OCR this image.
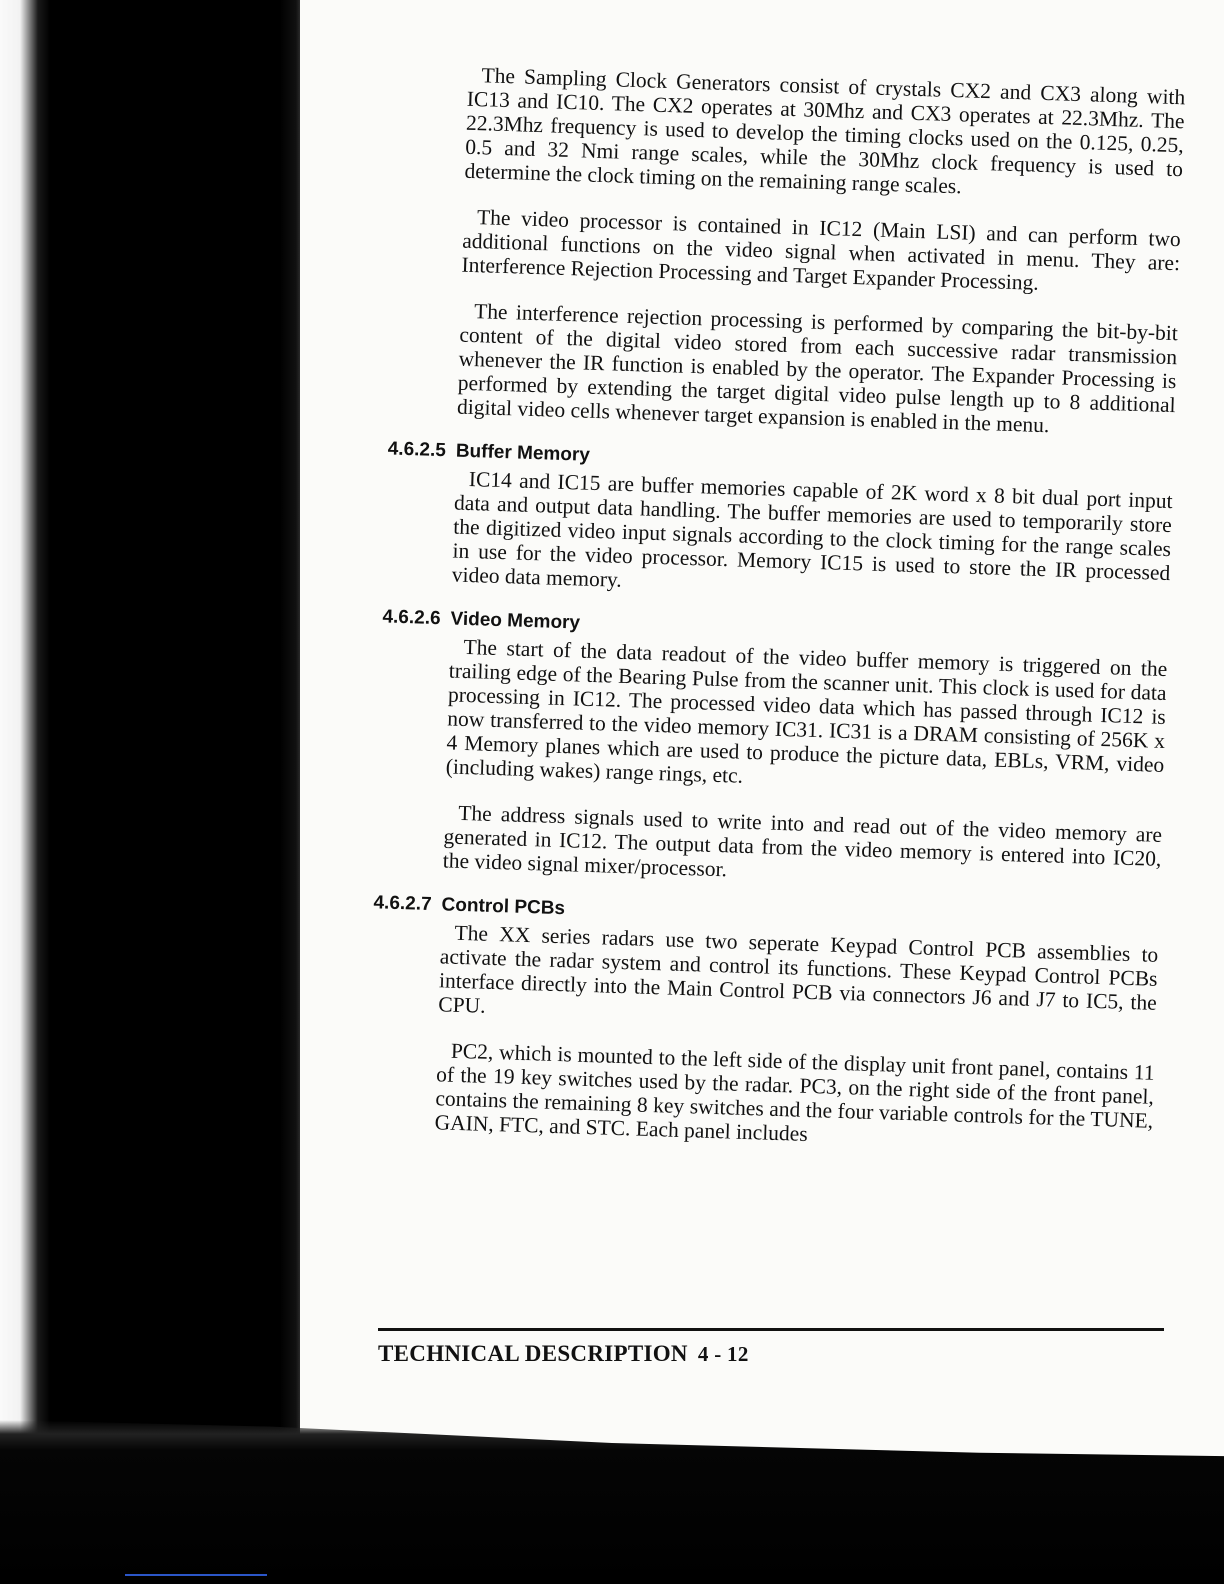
The Sampling Clock Generators consist of crystals CX2 and CX3 along with IC13 and IC10. The CX2 operates at 30Mhz and CX3 operates at 22.3Mhz. The 22.3Mhz frequency is used to develop the timing clocks used on the 0.125, 0.25, 0.5 and 32 Nmi range scales, while the 30Mhz clock frequency is used to determine the clock timing on the remaining range scales.

The video processor is contained in IC12 (Main LSI) and can perform two additional functions on the video signal when activated in menu. They are: Interference Rejection Processing and Target Expander Processing.

The interference rejection processing is performed by comparing the bit-by-bit content of the digital video stored from each successive radar transmission whenever the IR function is enabled by the operator. The Expander Processing is performed by extending the target digital video pulse length up to 8 additional digital video cells whenever target expansion is enabled in the menu.

4.6.2.5 Buffer Memory

IC14 and IC15 are buffer memories capable of 2K word x 8 bit dual port input data and output data handling. The buffer memories are used to temporarily store the digitized video input signals according to the clock timing for the range scales in use for the video processor. Memory IC15 is used to store the IR processed video data memory.

4.6.2.6 Video Memory

The start of the data readout of the video buffer memory is triggered on the trailing edge of the Bearing Pulse from the scanner unit. This clock is used for data processing in IC12. The processed video data which has passed through IC12 is now transferred to the video memory IC31. IC31 is a DRAM consisting of 256K x 4 Memory planes which are used to produce the picture data, EBLs, VRM, video (including wakes) range rings, etc.

The address signals used to write into and read out of the video memory are generated in IC12. The output data from the video memory is entered into IC20, the video signal mixer/processor.

4.6.2.7 Control PCBs

The XX series radars use two seperate Keypad Control PCB assemblies to activate the radar system and control its functions. These Keypad Control PCBs interface directly into the Main Control PCB via connectors J6 and J7 to IC5, the CPU.

PC2, which is mounted to the left side of the display unit front panel, contains 11 of the 19 key switches used by the radar. PC3, on the right side of the front panel, contains the remaining 8 key switches and the four variable controls for the TUNE, GAIN, FTC, and STC. Each panel includes

TECHNICAL DESCRIPTION 4 - 12
